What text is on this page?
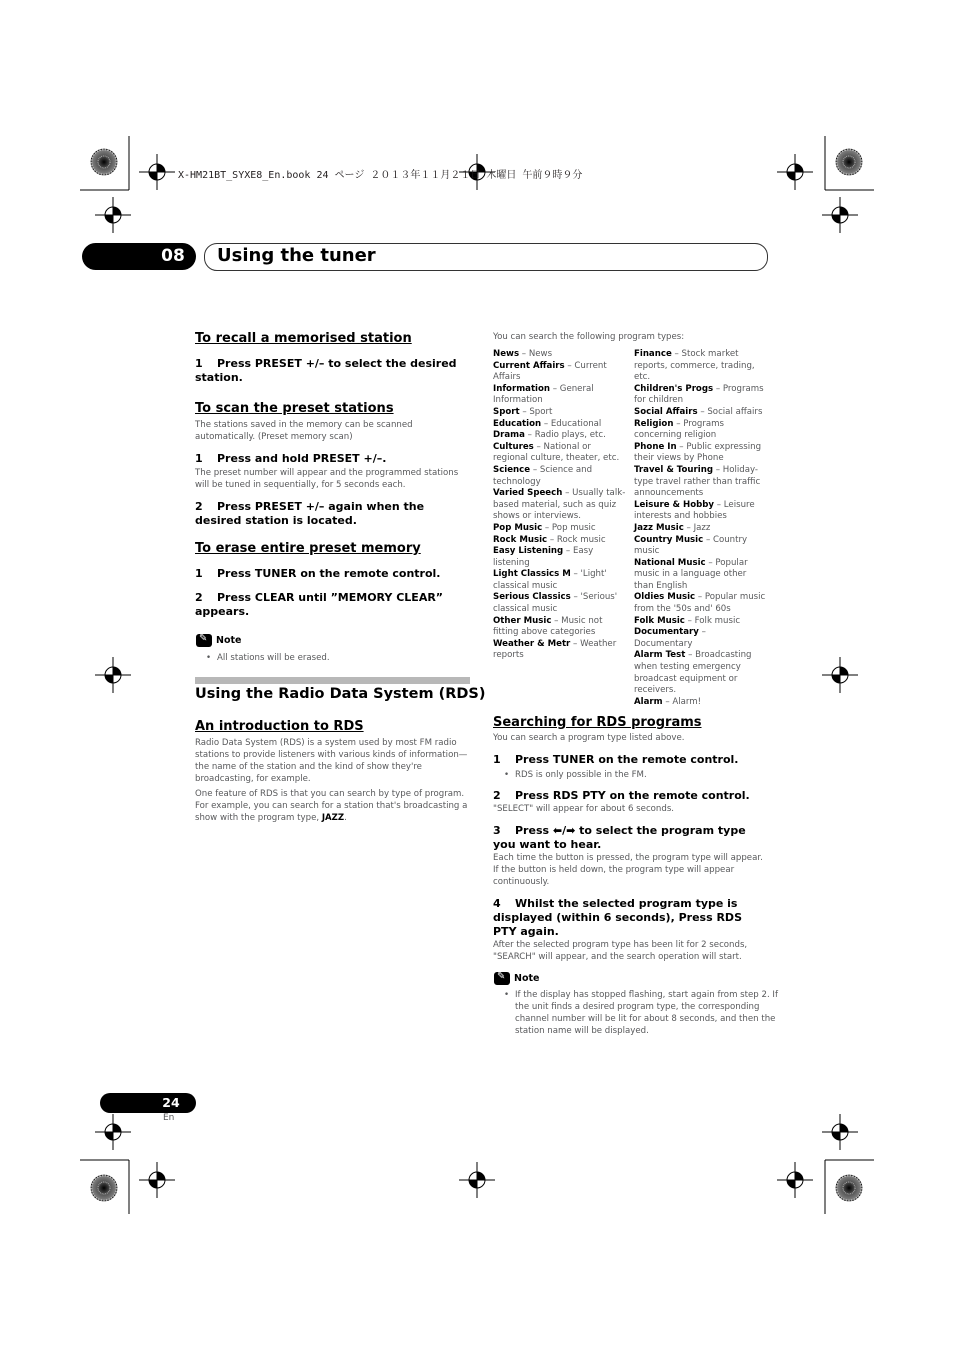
X-HM21BT_SYXE8_En.book 24 ページ ２０１３年１１月２１日 木曜日 午前９時９分
08	Using the tuner
To recall a memorised station
1 Press PRESET +/– to select the desired station.
To scan the preset stations
The stations saved in the memory can be scanned automatically. (Preset memory scan)
1 Press and hold PRESET +/–.
The preset number will appear and the programmed stations will be tuned in sequentially, for 5 seconds each.
2 Press PRESET +/– again when the desired station is located.
To erase entire preset memory
1 Press TUNER on the remote control.
2 Press CLEAR until ”MEMORY CLEAR” appears.
✎
Note
• All stations will be erased.
Using the Radio Data System (RDS)
An introduction to RDS
Radio Data System (RDS) is a system used by most FM radio stations to provide listeners with various kinds of information—the name of the station and the kind of show they're broadcasting, for example.
One feature of RDS is that you can search by type of program. For example, you can search for a station that's broadcasting a show with the program type, JAZZ.
You can search the following program types:
News – News
Current Affairs – Current Affairs
Information – General Information
Sport – Sport
Education – Educational
Drama – Radio plays, etc.
Cultures – National or regional culture, theater, etc.
Science – Science and technology
Varied Speech – Usually talk-based material, such as quiz shows or interviews.
Pop Music – Pop music
Rock Music – Rock music
Easy Listening – Easy listening
Light Classics M – 'Light' classical music
Serious Classics – 'Serious' classical music
Other Music – Music not fitting above categories
Weather & Metr – Weather reports
Finance – Stock market reports, commerce, trading, etc.
Children's Progs – Programs for children
Social Affairs – Social affairs
Religion – Programs concerning religion
Phone In – Public expressing their views by Phone
Travel & Touring – Holiday-type travel rather than traffic announcements
Leisure & Hobby – Leisure interests and hobbies
Jazz Music – Jazz
Country Music – Country music
National Music – Popular music in a language other than English
Oldies Music – Popular music from the '50s and' 60s
Folk Music – Folk music
Documentary – Documentary
Alarm Test – Broadcasting when testing emergency broadcast equipment or receivers.
Alarm – Alarm!
Searching for RDS programs
You can search a program type listed above.
1 Press TUNER on the remote control.
• RDS is only possible in the FM.
2 Press RDS PTY on the remote control.
"SELECT" will appear for about 6 seconds.
3 Press ⬅/➡ to select the program type you want to hear.
Each time the button is pressed, the program type will appear. If the button is held down, the program type will appear continuously.
4 Whilst the selected program type is displayed (within 6 seconds), Press RDS PTY again.
After the selected program type has been lit for 2 seconds, "SEARCH" will appear, and the search operation will start.
✎
Note
• If the display has stopped flashing, start again from step 2. If the unit finds a desired program type, the corresponding channel number will be lit for about 8 seconds, and then the station name will be displayed.
24
En
